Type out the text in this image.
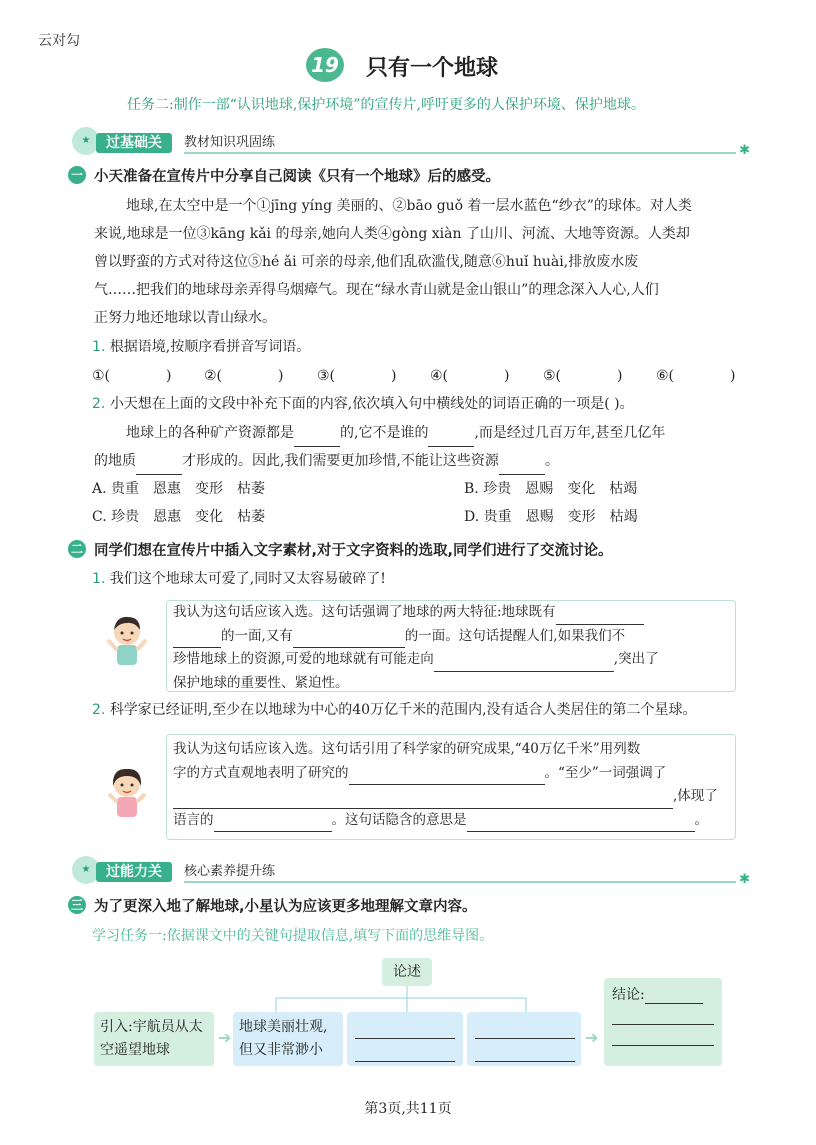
云对勾
19 只有一个地球
任务二:制作一部“认识地球,保护环境”的宣传片,呼吁更多的人保护环境、保护地球。
★	过基础关	教材知识巩固练
✱
一 小天准备在宣传片中分享自己阅读《只有一个地球》后的感受。
地球,在太空中是一个①jīng yíng 美丽的、②bāo guǒ 着一层水蓝色“纱衣”的球体。对人类
来说,地球是一位③kāng kǎi 的母亲,她向人类④gòng xiàn 了山川、河流、大地等资源。人类却
曾以野蛮的方式对待这位⑤hé ǎi 可亲的母亲,他们乱砍滥伐,随意⑥huǐ huài,排放废水废
气……把我们的地球母亲弄得乌烟瘴气。现在“绿水青山就是金山银山”的理念深入人心,人们
正努力地还地球以青山绿水。
1. 根据语境,按顺序看拼音写词语。
①(	) ②(	) ③(	) ④(	) ⑤(	) ⑥(	)
2. 小天想在上面的文段中补充下面的内容,依次填入句中横线处的词语正确的一项是( )。
地球上的各种矿产资源都是	的,它不是谁的	,而是经过几百万年,甚至几亿年
的地质	才形成的。因此,我们需要更加珍惜,不能让这些资源	。
A. 贵重　恩惠　变形　枯萎	B. 珍贵　恩赐　变化　枯竭
C. 珍贵　恩惠　变化　枯萎	D. 贵重　恩赐　变形　枯竭
二 同学们想在宣传片中插入文字素材,对于文字资料的选取,同学们进行了交流讨论。
1. 我们这个地球太可爱了,同时又太容易破碎了!
我认为这句话应该入选。这句话强调了地球的两大特征:地球既有
的一面,又有	的一面。这句话提醒人们,如果我们不
珍惜地球上的资源,可爱的地球就有可能走向	,突出了
保护地球的重要性、紧迫性。
2. 科学家已经证明,至少在以地球为中心的40万亿千米的范围内,没有适合人类居住的第二个星球。
我认为这句话应该入选。这句话引用了科学家的研究成果,“40万亿千米”用列数
字的方式直观地表明了研究的	。“至少”一词强调了
,体现了
语言的	。这句话隐含的意思是	。
★	过能力关	核心素养提升练
✱
三 为了更深入地了解地球,小星认为应该更多地理解文章内容。
学习任务一:依据课文中的关键句提取信息,填写下面的思维导图。
论述
引入:宇航员从太空遥望地球
➔
地球美丽壮观,但又非常渺小

➔
结论:

第3页,共11页
